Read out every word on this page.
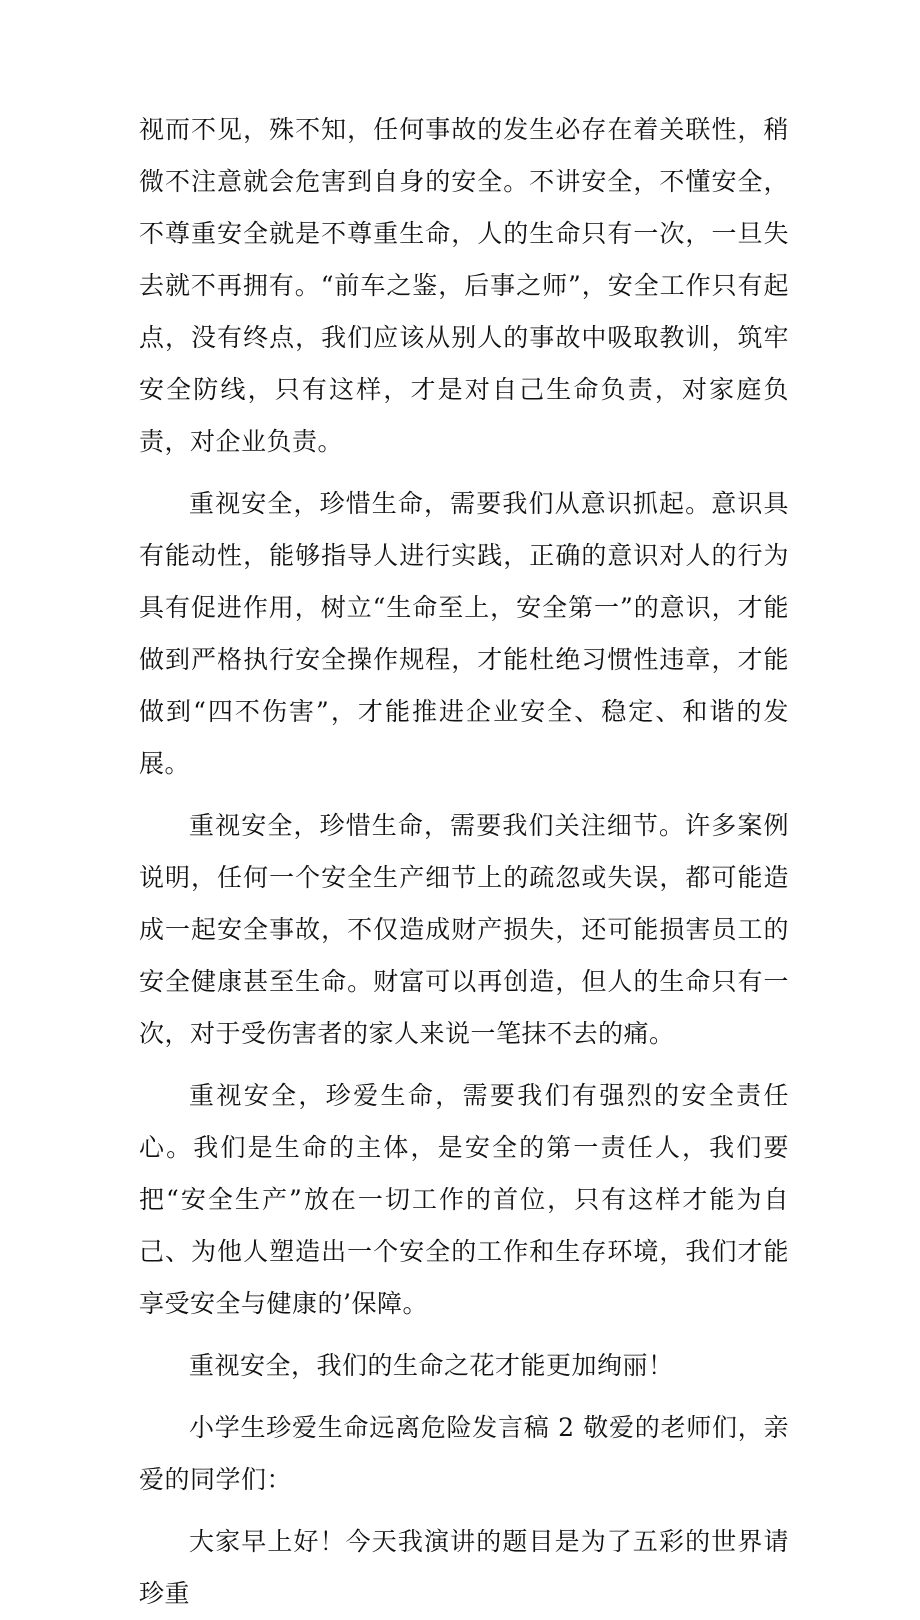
视而不见，殊不知，任何事故的发生必存在着关联性，稍微不注意就会危害到自身的安全。不讲安全，不懂安全，不尊重安全就是不尊重生命，人的生命只有一次，一旦失去就不再拥有。“前车之鉴，后事之师”，安全工作只有起点，没有终点，我们应该从别人的事故中吸取教训，筑牢安全防线，只有这样，才是对自己生命负责，对家庭负责，对企业负责。

重视安全，珍惜生命，需要我们从意识抓起。意识具有能动性，能够指导人进行实践，正确的意识对人的行为具有促进作用，树立“生命至上，安全第一”的意识，才能做到严格执行安全操作规程，才能杜绝习惯性违章，才能做到“四不伤害”，才能推进企业安全、稳定、和谐的发展。

重视安全，珍惜生命，需要我们关注细节。许多案例说明，任何一个安全生产细节上的疏忽或失误，都可能造成一起安全事故，不仅造成财产损失，还可能损害员工的安全健康甚至生命。财富可以再创造，但人的生命只有一次，对于受伤害者的家人来说一笔抹不去的痛。

重视安全，珍爱生命，需要我们有强烈的安全责任心。我们是生命的主体，是安全的第一责任人，我们要把“安全生产”放在一切工作的首位，只有这样才能为自己、为他人塑造出一个安全的工作和生存环境，我们才能享受安全与健康的’保障。

重视安全，我们的生命之花才能更加绚丽！

小学生珍爱生命远离危险发言稿 2 敬爱的老师们，亲爱的同学们：

大家早上好！今天我演讲的题目是为了五彩的世界请珍重
